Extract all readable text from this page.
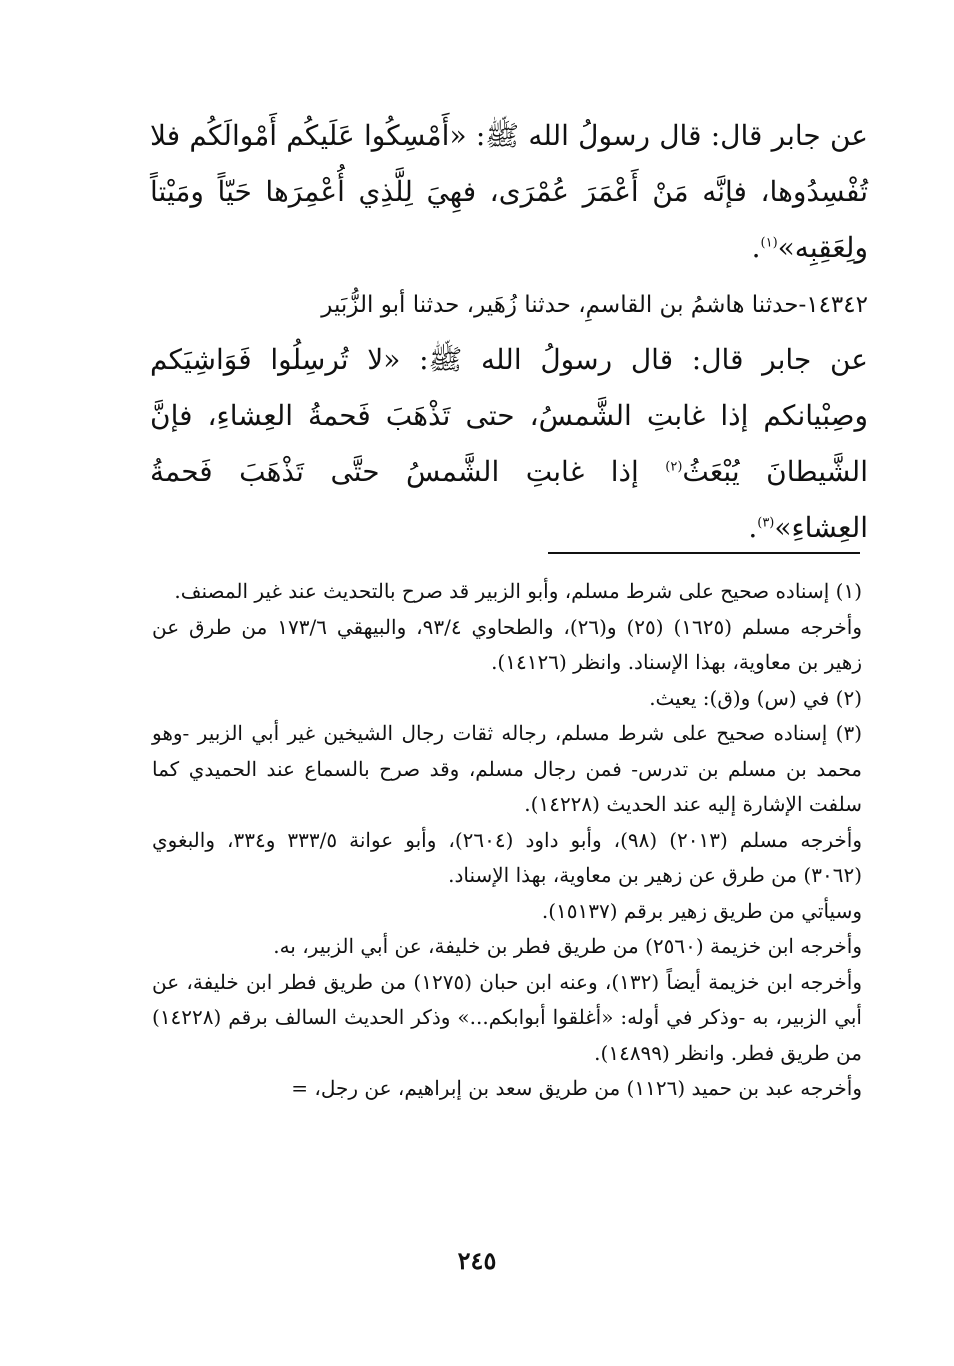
عن جابر قال: قال رسولُ الله ﷺ: «أَمْسِكُوا عَلَيكُم أَمْوالَكُم فلا تُفْسِدُوها، فإنَّه مَنْ أَعْمَرَ عُمْرَى، فهِيَ لِلَّذِي أُعْمِرَها حَيّاً ومَيْتاً ولِعَقِبِه»$^{(١)}$.

١٤٣٤٢-حدثنا هاشمُ بن القاسمِ، حدثنا زُهَير، حدثنا أبو الزُّبَير

عن جابر قال: قال رسولُ الله ﷺ: «لا تُرسِلُوا فَوَاشِيَكم وصِبْيانكم إذا غابتِ الشَّمسُ، حتى تَذْهَبَ فَحمةُ العِشاءِ، فإنَّ الشَّيطانَ يُبْعَثُ$^{(٢)}$ إذا غابتِ الشَّمسُ حتَّى تَذْهَبَ فَحمةُ العِشاءِ»$^{(٣)}$.

(١) إسناده صحيح على شرط مسلم، وأبو الزبير قد صرح بالتحديث عند غير المصنف.

وأخرجه مسلم (١٦٢٥) (٢٥) و(٢٦)، والطحاوي ٩٣/٤، والبيهقي ١٧٣/٦ من طرق عن زهير بن معاوية، بهذا الإسناد. وانظر (١٤١٢٦).

(٢) في (س) و(ق): يعيث.

(٣) إسناده صحيح على شرط مسلم، رجاله ثقات رجال الشيخين غير أبي الزبير -وهو محمد بن مسلم بن تدرس- فمن رجال مسلم، وقد صرح بالسماع عند الحميدي كما سلفت الإشارة إليه عند الحديث (١٤٢٢٨).

وأخرجه مسلم (٢٠١٣) (٩٨)، وأبو داود (٢٦٠٤)، وأبو عوانة ٣٣٣/٥ و٣٣٤، والبغوي (٣٠٦٢) من طرق عن زهير بن معاوية، بهذا الإسناد.

وسيأتي من طريق زهير برقم (١٥١٣٧).

وأخرجه ابن خزيمة (٢٥٦٠) من طريق فطر بن خليفة، عن أبي الزبير، به.

وأخرجه ابن خزيمة أيضاً (١٣٢)، وعنه ابن حبان (١٢٧٥) من طريق فطر ابن خليفة، عن أبي الزبير، به -وذكر في أوله: «أغلقوا أبوابكم...» وذكر الحديث السالف برقم (١٤٢٢٨) من طريق فطر. وانظر (١٤٨٩٩).

وأخرجه عبد بن حميد (١١٢٦) من طريق سعد بن إبراهيم، عن رجل، =

٢٤٥
